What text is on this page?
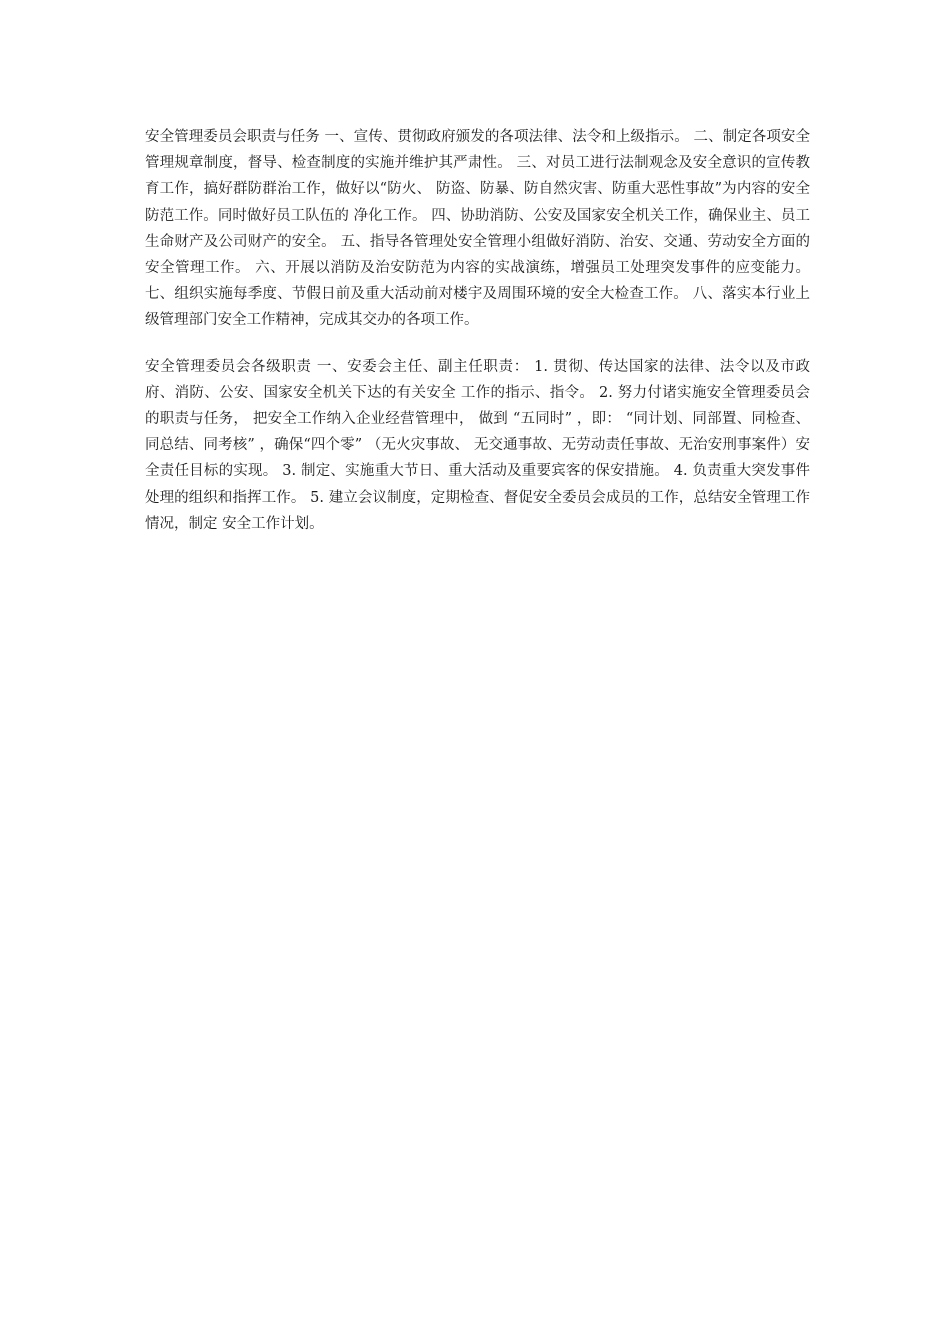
安全管理委员会职责与任务 一、宣传、贯彻政府颁发的各项法律、法令和上级指示。 二、制定各项安全管理规章制度，督导、检查制度的实施并维护其严肃性。 三、对员工进行法制观念及安全意识的宣传教育工作，搞好群防群治工作，做好以“防火、 防盗、防暴、防自然灾害、防重大恶性事故”为内容的安全防范工作。同时做好员工队伍的 净化工作。 四、协助消防、公安及国家安全机关工作，确保业主、员工生命财产及公司财产的安全。 五、指导各管理处安全管理小组做好消防、治安、交通、劳动安全方面的安全管理工作。 六、开展以消防及治安防范为内容的实战演练，增强员工处理突发事件的应变能力。 七、组织实施每季度、节假日前及重大活动前对楼宇及周围环境的安全大检查工作。 八、落实本行业上级管理部门安全工作精神，完成其交办的各项工作。

安全管理委员会各级职责 一、安委会主任、副主任职责： 1. 贯彻、传达国家的法律、法令以及市政府、消防、公安、国家安全机关下达的有关安全 工作的指示、指令。 2. 努力付诸实施安全管理委员会的职责与任务， 把安全工作纳入企业经营管理中， 做到 “五同时” ，即： “同计划、同部置、同检查、同总结、同考核” ，确保“四个零” （无火灾事故、 无交通事故、无劳动责任事故、无治安刑事案件）安全责任目标的实现。 3. 制定、实施重大节日、重大活动及重要宾客的保安措施。 4. 负责重大突发事件处理的组织和指挥工作。 5. 建立会议制度，定期检查、督促安全委员会成员的工作，总结安全管理工作情况，制定 安全工作计划。
